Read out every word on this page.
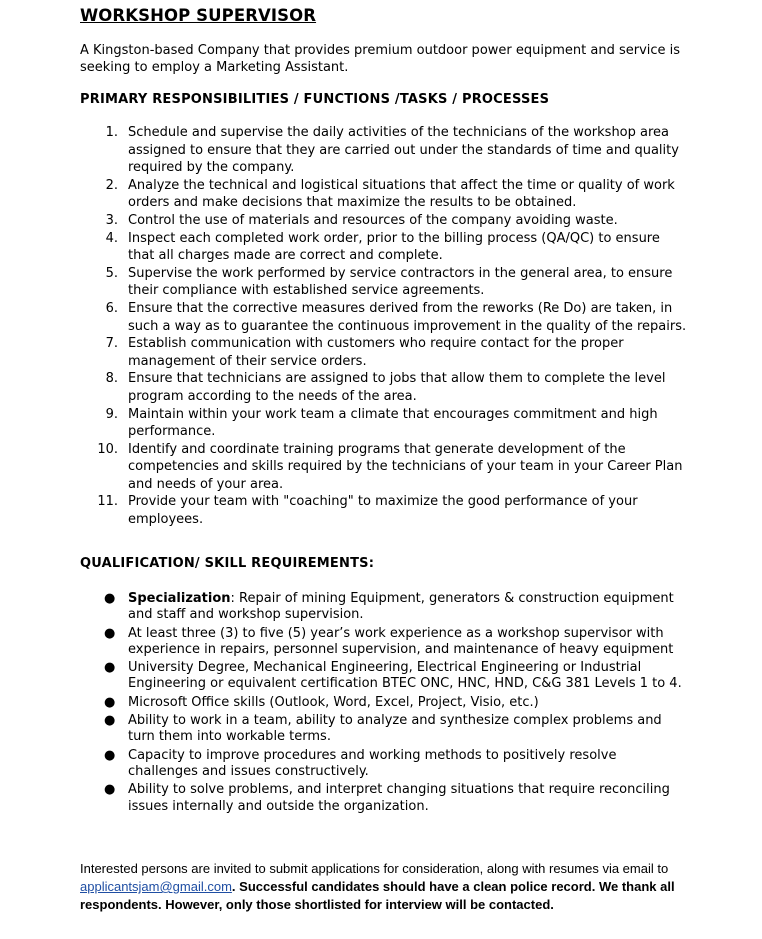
WORKSHOP SUPERVISOR

A Kingston-based Company that provides premium outdoor power equipment and service is seeking to employ a Marketing Assistant.

PRIMARY RESPONSIBILITIES / FUNCTIONS /TASKS / PROCESSES

1. Schedule and supervise the daily activities of the technicians of the workshop area assigned to ensure that they are carried out under the standards of time and quality required by the company.
2. Analyze the technical and logistical situations that affect the time or quality of work orders and make decisions that maximize the results to be obtained.
3. Control the use of materials and resources of the company avoiding waste.
4. Inspect each completed work order, prior to the billing process (QA/QC) to ensure that all charges made are correct and complete.
5. Supervise the work performed by service contractors in the general area, to ensure their compliance with established service agreements.
6. Ensure that the corrective measures derived from the reworks (Re Do) are taken, in such a way as to guarantee the continuous improvement in the quality of the repairs.
7. Establish communication with customers who require contact for the proper management of their service orders.
8. Ensure that technicians are assigned to jobs that allow them to complete the level program according to the needs of the area.
9. Maintain within your work team a climate that encourages commitment and high performance.
10. Identify and coordinate training programs that generate development of the competencies and skills required by the technicians of your team in your Career Plan and needs of your area.
11. Provide your team with "coaching" to maximize the good performance of your employees.

QUALIFICATION/ SKILL REQUIREMENTS:

● Specialization: Repair of mining Equipment, generators & construction equipment and staff and workshop supervision.
● At least three (3) to five (5) year’s work experience as a workshop supervisor with experience in repairs, personnel supervision, and maintenance of heavy equipment
● University Degree, Mechanical Engineering, Electrical Engineering or Industrial Engineering or equivalent certification BTEC ONC, HNC, HND, C&G 381 Levels 1 to 4.
● Microsoft Office skills (Outlook, Word, Excel, Project, Visio, etc.)
● Ability to work in a team, ability to analyze and synthesize complex problems and turn them into workable terms.
● Capacity to improve procedures and working methods to positively resolve challenges and issues constructively.
● Ability to solve problems, and interpret changing situations that require reconciling issues internally and outside the organization.

Interested persons are invited to submit applications for consideration, along with resumes via email to applicantsjam@gmail.com. Successful candidates should have a clean police record. We thank all respondents. However, only those shortlisted for interview will be contacted.
